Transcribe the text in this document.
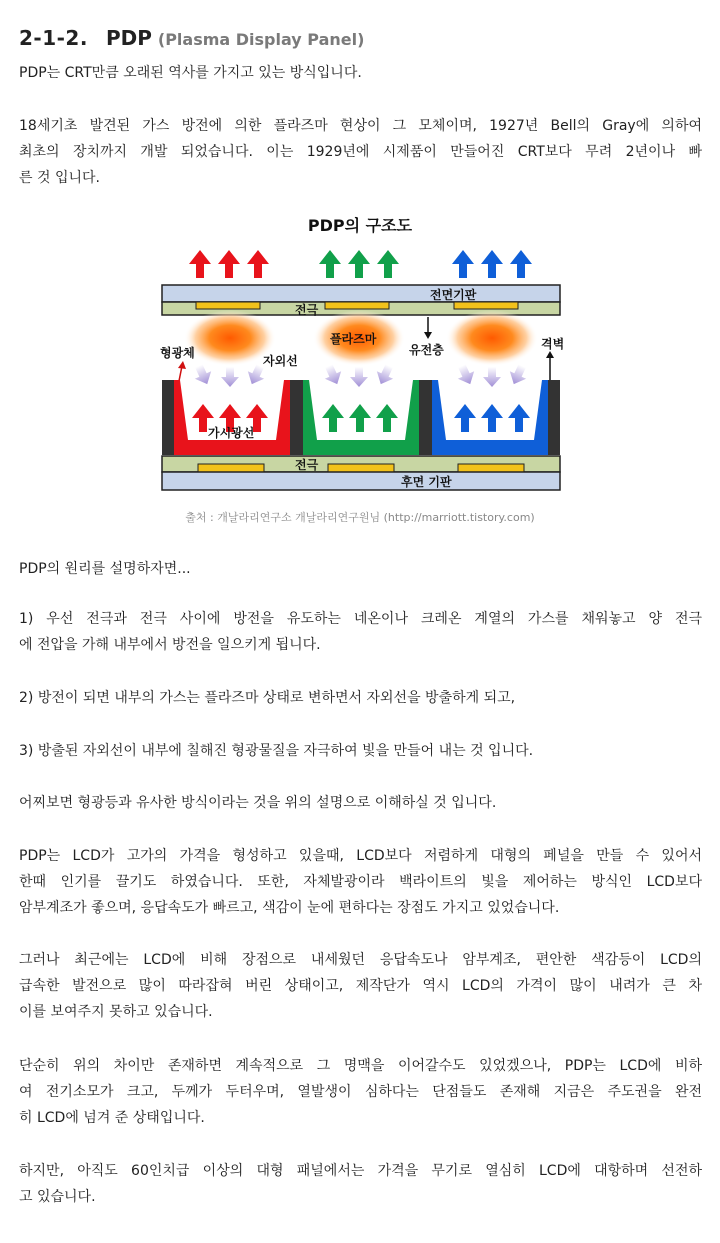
2-1-2. PDP (Plasma Display Panel)

PDP는 CRT만큼 오래된 역사를 가지고 있는 방식입니다.

18세기초 발견된 가스 방전에 의한 플라즈마 현상이 그 모체이며, 1927년 Bell의 Gray에 의하여
최초의 장치까지 개발 되었습니다. 이는 1929년에 시제품이 만들어진 CRT보다 무려 2년이나 빠
른 것 입니다.

PDP의 구조도

전면기판
전극
플라즈마
유전층	격벽
형광체
자외선
가시광선
전극
후면 기판

출처 : 개날라리연구소 개날라리연구원님 (http://marriott.tistory.com)

PDP의 원리를 설명하자면...

1) 우선 전극과 전극 사이에 방전을 유도하는 네온이나 크레온 계열의 가스를 채워놓고 양 전극
에 전압을 가해 내부에서 방전을 일으키게 됩니다.

2) 방전이 되면 내부의 가스는 플라즈마 상태로 변하면서 자외선을 방출하게 되고,

3) 방출된 자외선이 내부에 칠해진 형광물질을 자극하여 빛을 만들어 내는 것 입니다.

어찌보면 형광등과 유사한 방식이라는 것을 위의 설명으로 이해하실 것 입니다.

PDP는 LCD가 고가의 가격을 형성하고 있을때, LCD보다 저렴하게 대형의 페널을 만들 수 있어서
한때 인기를 끌기도 하였습니다. 또한, 자체발광이라 백라이트의 빛을 제어하는 방식인 LCD보다
암부계조가 좋으며, 응답속도가 빠르고, 색감이 눈에 편하다는 장점도 가지고 있었습니다.

그러나 최근에는 LCD에 비해 장점으로 내세웠던 응답속도나 암부계조, 편안한 색감등이 LCD의
급속한 발전으로 많이 따라잡혀 버린 상태이고, 제작단가 역시 LCD의 가격이 많이 내려가 큰 차
이를 보여주지 못하고 있습니다.

단순히 위의 차이만 존재하면 계속적으로 그 명맥을 이어갈수도 있었겠으나, PDP는 LCD에 비하
여 전기소모가 크고, 두께가 두터우며, 열발생이 심하다는 단점들도 존재해 지금은 주도권을 완전
히 LCD에 넘겨 준 상태입니다.

하지만, 아직도 60인치급 이상의 대형 패널에서는 가격을 무기로 열심히 LCD에 대항하며 선전하
고 있습니다.
